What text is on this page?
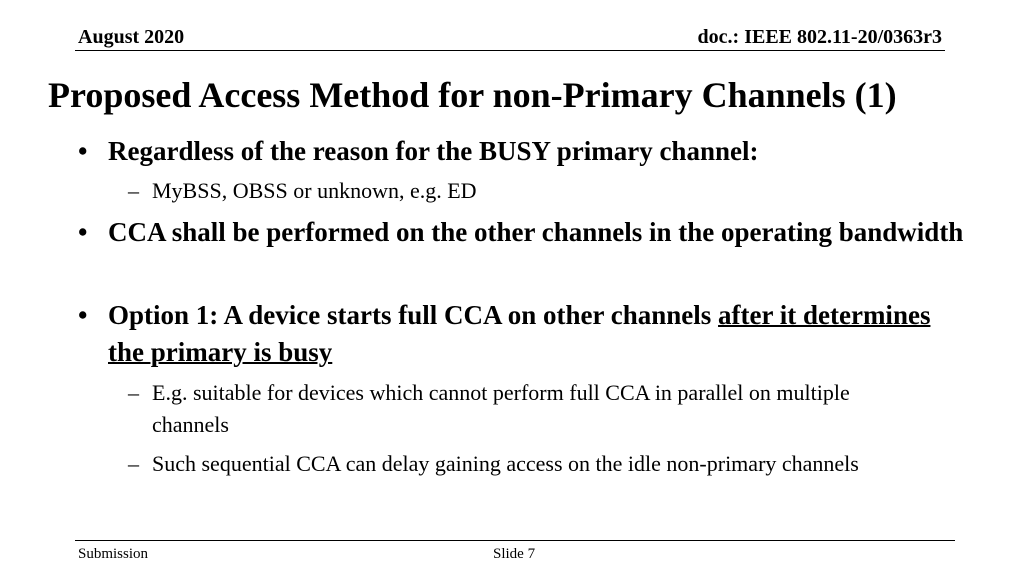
August 2020	doc.: IEEE 802.11-20/0363r3
Proposed Access Method for non-Primary Channels (1)
• Regardless of the reason for the BUSY primary channel:
– MyBSS, OBSS or unknown, e.g. ED
• CCA shall be performed on the other channels in the operating bandwidth
• Option 1: A device starts full CCA on other channels after it determines the primary is busy
– E.g. suitable for devices which cannot perform full CCA in parallel on multiple channels
– Such sequential CCA can delay gaining access on the idle non-primary channels
Submission	Slide 7
